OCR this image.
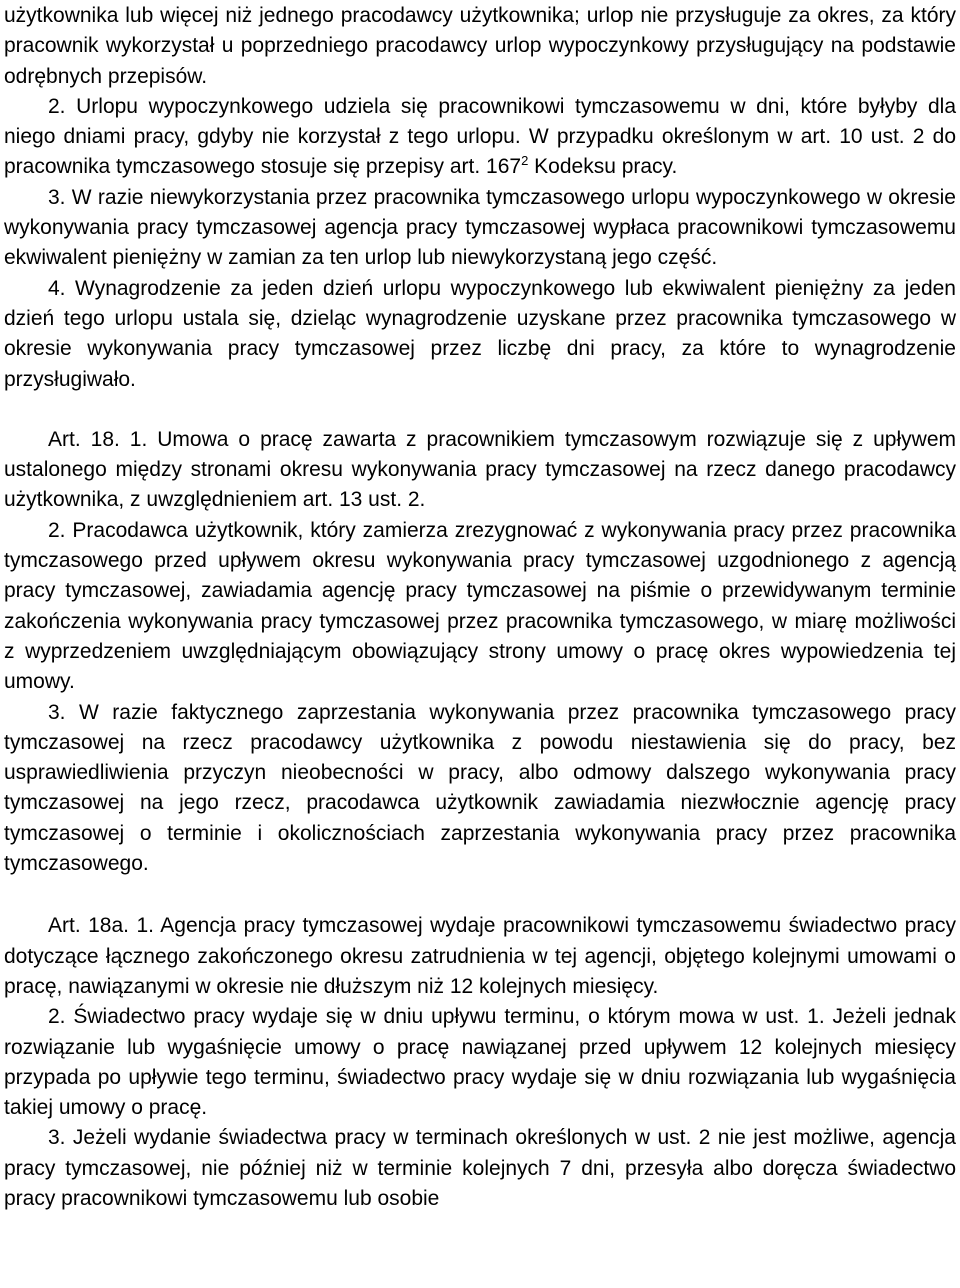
użytkownika lub więcej niż jednego pracodawcy użytkownika; urlop nie przysługuje za okres, za który pracownik wykorzystał u poprzedniego pracodawcy urlop wypoczynkowy przysługujący na podstawie odrębnych przepisów.

2. Urlopu wypoczynkowego udziela się pracownikowi tymczasowemu w dni, które byłyby dla niego dniami pracy, gdyby nie korzystał z tego urlopu. W przypadku określonym w art. 10 ust. 2 do pracownika tymczasowego stosuje się przepisy art. $167^2$ Kodeksu pracy.

3. W razie niewykorzystania przez pracownika tymczasowego urlopu wypoczynkowego w okresie wykonywania pracy tymczasowej agencja pracy tymczasowej wypłaca pracownikowi tymczasowemu ekwiwalent pieniężny w zamian za ten urlop lub niewykorzystaną jego część.

4. Wynagrodzenie za jeden dzień urlopu wypoczynkowego lub ekwiwalent pieniężny za jeden dzień tego urlopu ustala się, dzieląc wynagrodzenie uzyskane przez pracownika tymczasowego w okresie wykonywania pracy tymczasowej przez liczbę dni pracy, za które to wynagrodzenie przysługiwało.

Art. 18. 1. Umowa o pracę zawarta z pracownikiem tymczasowym rozwiązuje się z upływem ustalonego między stronami okresu wykonywania pracy tymczasowej na rzecz danego pracodawcy użytkownika, z uwzględnieniem art. 13 ust. 2.

2. Pracodawca użytkownik, który zamierza zrezygnować z wykonywania pracy przez pracownika tymczasowego przed upływem okresu wykonywania pracy tymczasowej uzgodnionego z agencją pracy tymczasowej, zawiadamia agencję pracy tymczasowej na piśmie o przewidywanym terminie zakończenia wykonywania pracy tymczasowej przez pracownika tymczasowego, w miarę możliwości z wyprzedzeniem uwzględniającym obowiązujący strony umowy o pracę okres wypowiedzenia tej umowy.

3. W razie faktycznego zaprzestania wykonywania przez pracownika tymczasowego pracy tymczasowej na rzecz pracodawcy użytkownika z powodu niestawienia się do pracy, bez usprawiedliwienia przyczyn nieobecności w pracy, albo odmowy dalszego wykonywania pracy tymczasowej na jego rzecz, pracodawca użytkownik zawiadamia niezwłocznie agencję pracy tymczasowej o terminie i okolicznościach zaprzestania wykonywania pracy przez pracownika tymczasowego.

Art. 18a. 1. Agencja pracy tymczasowej wydaje pracownikowi tymczasowemu świadectwo pracy dotyczące łącznego zakończonego okresu zatrudnienia w tej agencji, objętego kolejnymi umowami o pracę, nawiązanymi w okresie nie dłuższym niż 12 kolejnych miesięcy.

2. Świadectwo pracy wydaje się w dniu upływu terminu, o którym mowa w ust. 1. Jeżeli jednak rozwiązanie lub wygaśnięcie umowy o pracę nawiązanej przed upływem 12 kolejnych miesięcy przypada po upływie tego terminu, świadectwo pracy wydaje się w dniu rozwiązania lub wygaśnięcia takiej umowy o pracę.

3. Jeżeli wydanie świadectwa pracy w terminach określonych w ust. 2 nie jest możliwe, agencja pracy tymczasowej, nie później niż w terminie kolejnych 7 dni, przesyła albo doręcza świadectwo pracy pracownikowi tymczasowemu lub osobie
